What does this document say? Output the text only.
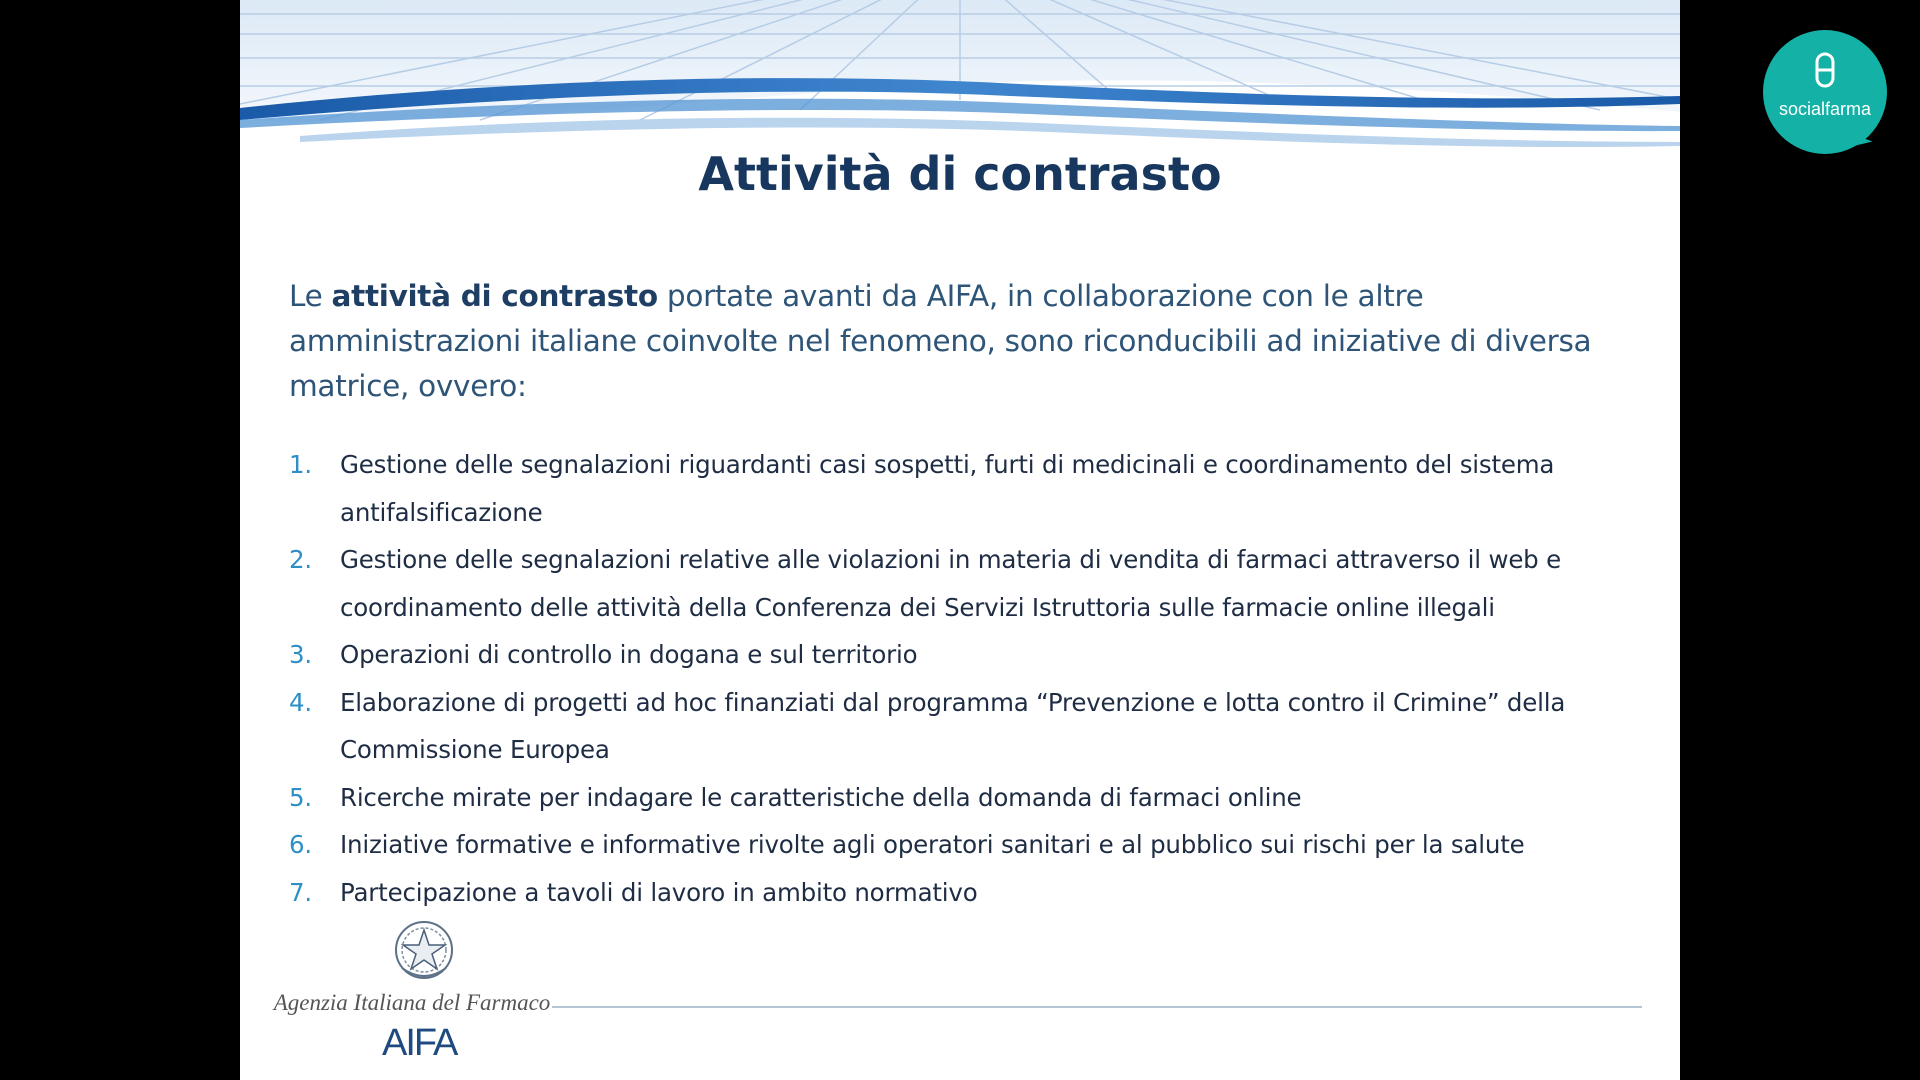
Attività di contrasto
Le attività di contrasto portate avanti da AIFA, in collaborazione con le altre amministrazioni italiane coinvolte nel fenomeno, sono riconducibili ad iniziative di diversa matrice, ovvero:
1.	Gestione delle segnalazioni riguardanti casi sospetti, furti di medicinali e coordinamento del sistema antifalsificazione
2.	Gestione delle segnalazioni relative alle violazioni in materia di vendita di farmaci attraverso il web e coordinamento delle attività della Conferenza dei Servizi Istruttoria sulle farmacie online illegali
3.	Operazioni di controllo in dogana e sul territorio
4.	Elaborazione di progetti ad hoc finanziati dal programma “Prevenzione e lotta contro il Crimine” della Commissione Europea
5.	Ricerche mirate per indagare le caratteristiche della domanda di farmaci online
6.	Iniziative formative e informative rivolte agli operatori sanitari e al pubblico sui rischi per la salute
7.	Partecipazione a tavoli di lavoro in ambito normativo
Agenzia Italiana del Farmaco
AIFA
socialfarma
